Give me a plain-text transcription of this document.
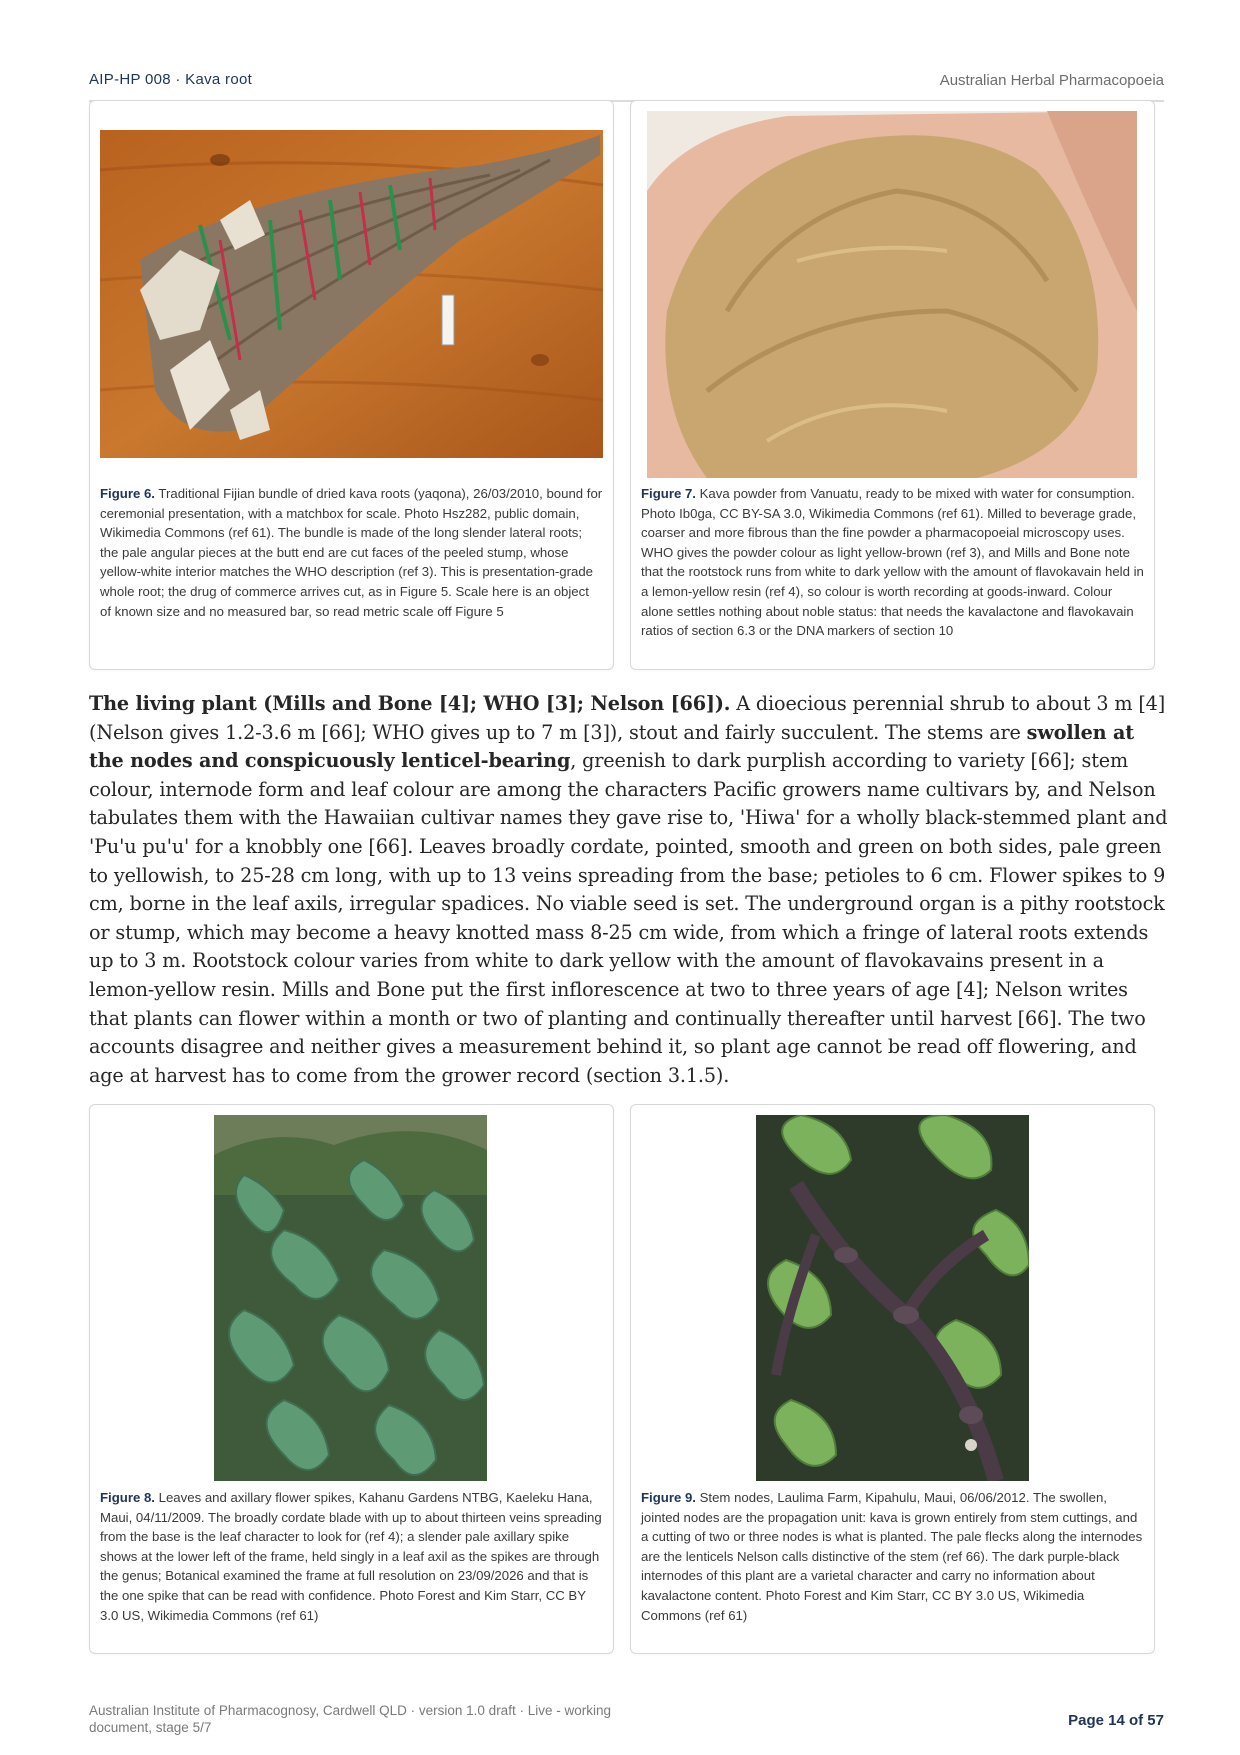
AIP-HP 008 · Kava root	Australian Herbal Pharmacopoeia
Figure 6. Traditional Fijian bundle of dried kava roots (yaqona), 26/03/2010, bound for ceremonial presentation, with a matchbox for scale. Photo Hsz282, public domain, Wikimedia Commons (ref 61). The bundle is made of the long slender lateral roots; the pale angular pieces at the butt end are cut faces of the peeled stump, whose yellow-white interior matches the WHO description (ref 3). This is presentation-grade whole root; the drug of commerce arrives cut, as in Figure 5. Scale here is an object of known size and no measured bar, so read metric scale off Figure 5
Figure 7. Kava powder from Vanuatu, ready to be mixed with water for consumption. Photo Ib0ga, CC BY-SA 3.0, Wikimedia Commons (ref 61). Milled to beverage grade, coarser and more fibrous than the fine powder a pharmacopoeial microscopy uses. WHO gives the powder colour as light yellow-brown (ref 3), and Mills and Bone note that the rootstock runs from white to dark yellow with the amount of flavokavain held in a lemon-yellow resin (ref 4), so colour is worth recording at goods-inward. Colour alone settles nothing about noble status: that needs the kavalactone and flavokavain ratios of section 6.3 or the DNA markers of section 10
The living plant (Mills and Bone [4]; WHO [3]; Nelson [66]). A dioecious perennial shrub to about 3 m [4] (Nelson gives 1.2-3.6 m [66]; WHO gives up to 7 m [3]), stout and fairly succulent. The stems are swollen at the nodes and conspicuously lenticel-bearing, greenish to dark purplish according to variety [66]; stem colour, internode form and leaf colour are among the characters Pacific growers name cultivars by, and Nelson tabulates them with the Hawaiian cultivar names they gave rise to, 'Hiwa' for a wholly black-stemmed plant and 'Pu'u pu'u' for a knobbly one [66]. Leaves broadly cordate, pointed, smooth and green on both sides, pale green to yellowish, to 25-28 cm long, with up to 13 veins spreading from the base; petioles to 6 cm. Flower spikes to 9 cm, borne in the leaf axils, irregular spadices. No viable seed is set. The underground organ is a pithy rootstock or stump, which may become a heavy knotted mass 8-25 cm wide, from which a fringe of lateral roots extends up to 3 m. Rootstock colour varies from white to dark yellow with the amount of flavokavains present in a lemon-yellow resin. Mills and Bone put the first inflorescence at two to three years of age [4]; Nelson writes that plants can flower within a month or two of planting and continually thereafter until harvest [66]. The two accounts disagree and neither gives a measurement behind it, so plant age cannot be read off flowering, and age at harvest has to come from the grower record (section 3.1.5).
Figure 8. Leaves and axillary flower spikes, Kahanu Gardens NTBG, Kaeleku Hana, Maui, 04/11/2009. The broadly cordate blade with up to about thirteen veins spreading from the base is the leaf character to look for (ref 4); a slender pale axillary spike shows at the lower left of the frame, held singly in a leaf axil as the spikes are through the genus; Botanical examined the frame at full resolution on 23/09/2026 and that is the one spike that can be read with confidence. Photo Forest and Kim Starr, CC BY 3.0 US, Wikimedia Commons (ref 61)
Figure 9. Stem nodes, Laulima Farm, Kipahulu, Maui, 06/06/2012. The swollen, jointed nodes are the propagation unit: kava is grown entirely from stem cuttings, and a cutting of two or three nodes is what is planted. The pale flecks along the internodes are the lenticels Nelson calls distinctive of the stem (ref 66). The dark purple-black internodes of this plant are a varietal character and carry no information about kavalactone content. Photo Forest and Kim Starr, CC BY 3.0 US, Wikimedia Commons (ref 61)
Australian Institute of Pharmacognosy, Cardwell QLD · version 1.0 draft · Live - working document, stage 5/7	Page 14 of 57
